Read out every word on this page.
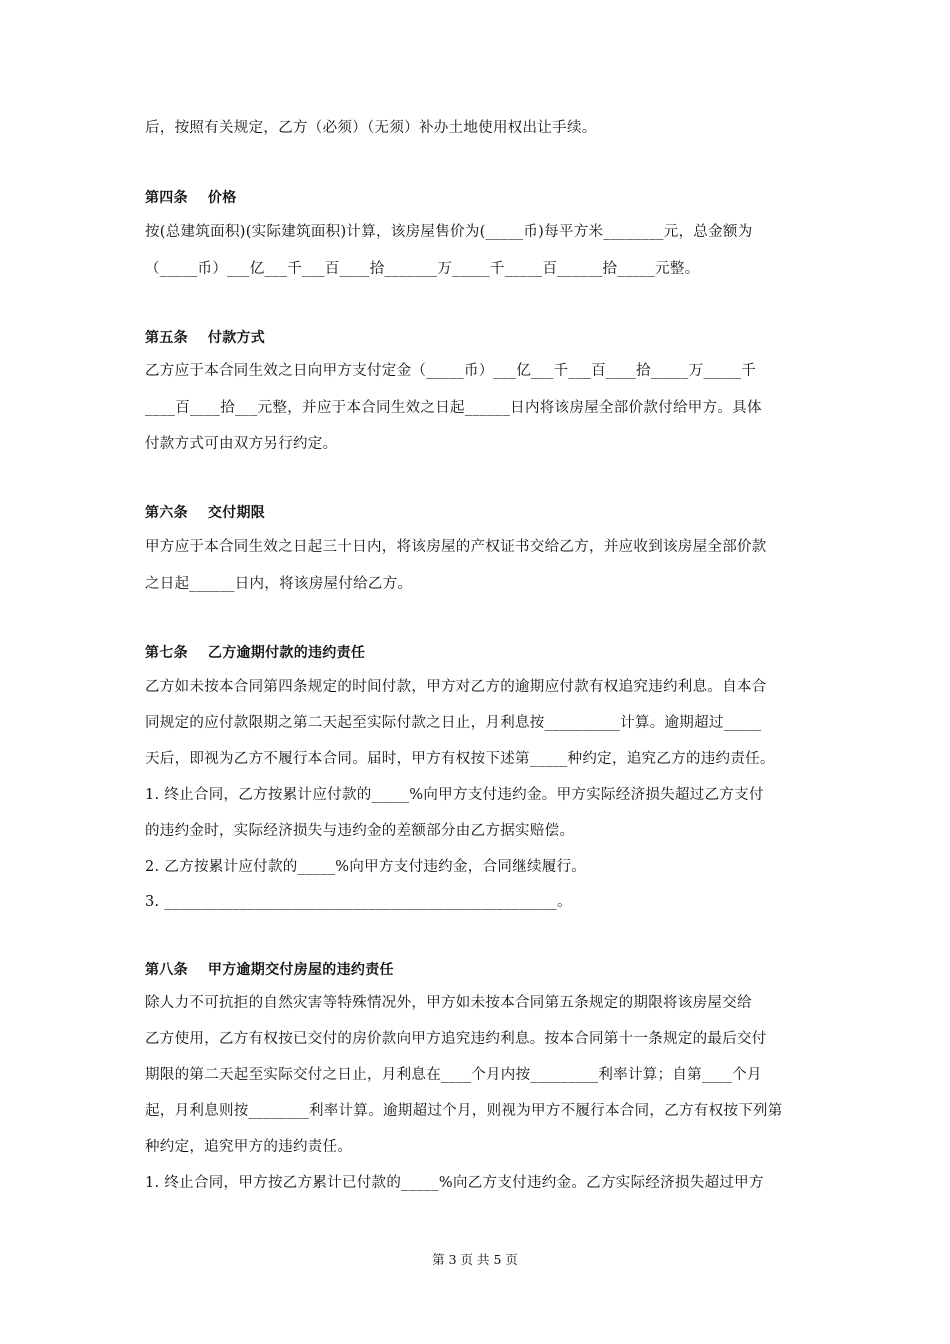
后，按照有关规定，乙方（必须）（无须）补办土地使用权出让手续。
第四条 价格
按(总建筑面积)(实际建筑面积)计算，该房屋售价为(_____币)每平方米________元，总金额为
（_____币）___亿___千___百____拾_______万_____千_____百______拾_____元整。
第五条 付款方式
乙方应于本合同生效之日向甲方支付定金（_____币）___亿___千___百____拾_____万_____千
____百____拾___元整，并应于本合同生效之日起______日内将该房屋全部价款付给甲方。具体
付款方式可由双方另行约定。
第六条 交付期限
甲方应于本合同生效之日起三十日内，将该房屋的产权证书交给乙方，并应收到该房屋全部价款
之日起______日内，将该房屋付给乙方。
第七条 乙方逾期付款的违约责任
乙方如未按本合同第四条规定的时间付款，甲方对乙方的逾期应付款有权追究违约利息。自本合
同规定的应付款限期之第二天起至实际付款之日止，月利息按__________计算。逾期超过_____
天后，即视为乙方不履行本合同。届时，甲方有权按下述第_____种约定，追究乙方的违约责任。
1. 终止合同，乙方按累计应付款的_____%向甲方支付违约金。甲方实际经济损失超过乙方支付
的违约金时，实际经济损失与违约金的差额部分由乙方据实赔偿。
2. 乙方按累计应付款的_____%向甲方支付违约金，合同继续履行。
3. ____________________________________________________。
第八条 甲方逾期交付房屋的违约责任
除人力不可抗拒的自然灾害等特殊情况外，甲方如未按本合同第五条规定的期限将该房屋交给
乙方使用，乙方有权按已交付的房价款向甲方追究违约利息。按本合同第十一条规定的最后交付
期限的第二天起至实际交付之日止，月利息在____个月内按_________利率计算；自第____个月
起，月利息则按________利率计算。逾期超过个月，则视为甲方不履行本合同，乙方有权按下列第
种约定，追究甲方的违约责任。
1. 终止合同，甲方按乙方累计已付款的_____%向乙方支付违约金。乙方实际经济损失超过甲方
第 3 页 共 5 页
